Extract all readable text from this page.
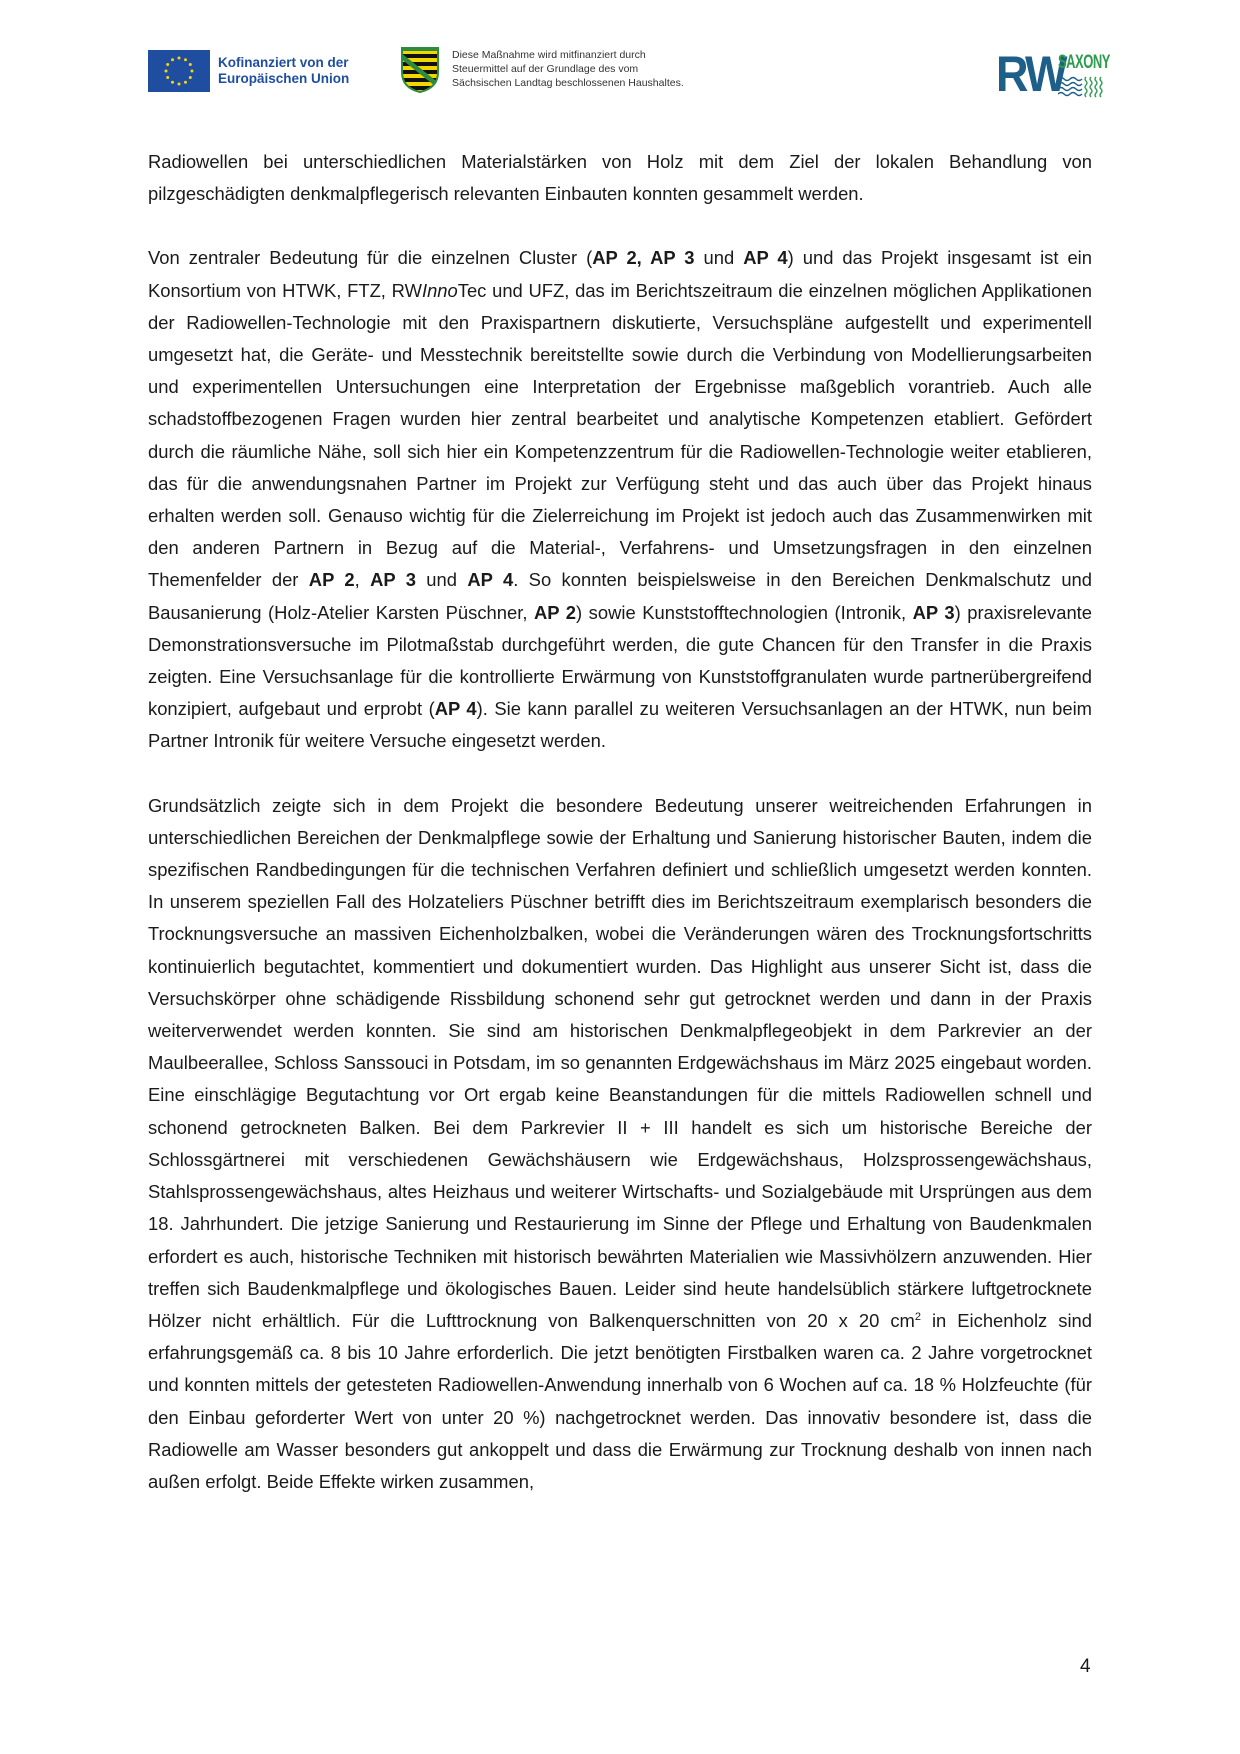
Kofinanziert von der
Europäischen Union
Diese Maßnahme wird mitfinanziert durch
Steuermittel auf der Grundlage des vom
Sächsischen Landtag beschlossenen Haushaltes.	RW
SAXONY

Radiowellen bei unterschiedlichen Materialstärken von Holz mit dem Ziel der lokalen Behandlung von pilzgeschädigten denkmalpflegerisch relevanten Einbauten konnten gesammelt werden.

Von zentraler Bedeutung für die einzelnen Cluster (AP 2, AP 3 und AP 4) und das Projekt insgesamt ist ein Konsortium von HTWK, FTZ, RWInnoTec und UFZ, das im Berichtszeitraum die einzelnen möglichen Applikationen der Radiowellen-Technologie mit den Praxispartnern diskutierte, Versuchspläne aufgestellt und experimentell umgesetzt hat, die Geräte- und Messtechnik bereitstellte sowie durch die Verbindung von Modellierungsarbeiten und experimentellen Untersuchungen eine Interpretation der Ergebnisse maßgeblich vorantrieb. Auch alle schadstoffbezogenen Fragen wurden hier zentral bearbeitet und analytische Kompetenzen etabliert. Gefördert durch die räumliche Nähe, soll sich hier ein Kompetenzzentrum für die Radiowellen-Technologie weiter etablieren, das für die anwendungsnahen Partner im Projekt zur Verfügung steht und das auch über das Projekt hinaus erhalten werden soll. Genauso wichtig für die Zielerreichung im Projekt ist jedoch auch das Zusammenwirken mit den anderen Partnern in Bezug auf die Material-, Verfahrens- und Umsetzungsfragen in den einzelnen Themenfelder der AP 2, AP 3 und AP 4. So konnten beispielsweise in den Bereichen Denkmalschutz und Bausanierung (Holz-Atelier Karsten Püschner, AP 2) sowie Kunststofftechnologien (Intronik, AP 3) praxisrelevante Demonstrationsversuche im Pilotmaßstab durchgeführt werden, die gute Chancen für den Transfer in die Praxis zeigten. Eine Versuchsanlage für die kontrollierte Erwärmung von Kunststoffgranulaten wurde partnerübergreifend konzipiert, aufgebaut und erprobt (AP 4). Sie kann parallel zu weiteren Versuchsanlagen an der HTWK, nun beim Partner Intronik für weitere Versuche eingesetzt werden.

Grundsätzlich zeigte sich in dem Projekt die besondere Bedeutung unserer weitreichenden Erfahrungen in unterschiedlichen Bereichen der Denkmalpflege sowie der Erhaltung und Sanierung historischer Bauten, indem die spezifischen Randbedingungen für die technischen Verfahren definiert und schließlich umgesetzt werden konnten. In unserem speziellen Fall des Holzateliers Püschner betrifft dies im Berichtszeitraum exemplarisch besonders die Trocknungsversuche an massiven Eichenholzbalken, wobei die Veränderungen wären des Trocknungsfortschritts kontinuierlich begutachtet, kommentiert und dokumentiert wurden. Das Highlight aus unserer Sicht ist, dass die Versuchskörper ohne schädigende Rissbildung schonend sehr gut getrocknet werden und dann in der Praxis weiterverwendet werden konnten. Sie sind am historischen Denkmalpflegeobjekt in dem Parkrevier an der Maulbeerallee, Schloss Sanssouci in Potsdam, im so genannten Erdgewächshaus im März 2025 eingebaut worden. Eine einschlägige Begutachtung vor Ort ergab keine Beanstandungen für die mittels Radiowellen schnell und schonend getrockneten Balken. Bei dem Parkrevier II + III handelt es sich um historische Bereiche der Schlossgärtnerei mit verschiedenen Gewächshäusern wie Erdgewächshaus, Holzsprossengewächshaus, Stahlsprossengewächshaus, altes Heizhaus und weiterer Wirtschafts- und Sozialgebäude mit Ursprüngen aus dem 18. Jahrhundert. Die jetzige Sanierung und Restaurierung im Sinne der Pflege und Erhaltung von Baudenkmalen erfordert es auch, historische Techniken mit historisch bewährten Materialien wie Massivhölzern anzuwenden. Hier treffen sich Baudenkmalpflege und ökologisches Bauen. Leider sind heute handelsüblich stärkere luftgetrocknete Hölzer nicht erhältlich. Für die Lufttrocknung von Balkenquerschnitten von 20 x 20 $cm^2$ in Eichenholz sind erfahrungsgemäß ca. 8 bis 10 Jahre erforderlich. Die jetzt benötigten Firstbalken waren ca. 2 Jahre vorgetrocknet und konnten mittels der getesteten Radiowellen-Anwendung innerhalb von 6 Wochen auf ca. 18 % Holzfeuchte (für den Einbau geforderter Wert von unter 20 %) nachgetrocknet werden. Das innovativ besondere ist, dass die Radiowelle am Wasser besonders gut ankoppelt und dass die Erwärmung zur Trocknung deshalb von innen nach außen erfolgt. Beide Effekte wirken zusammen,

4
